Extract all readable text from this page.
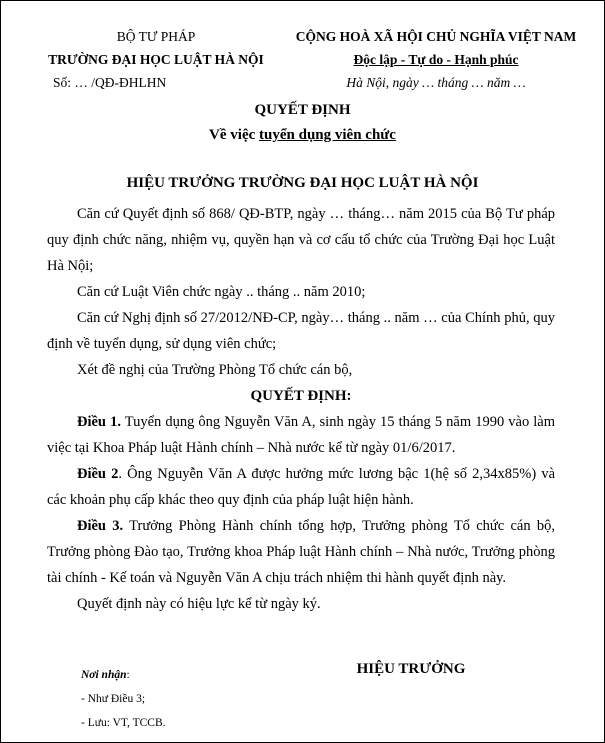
BỘ TƯ PHÁP
TRƯỜNG ĐẠI HỌC LUẬT HÀ NỘI
Số: … /QĐ-ĐHLHN
CỘNG HOÀ XÃ HỘI CHỦ NGHĨA VIỆT NAM
Độc lập - Tự do - Hạnh phúc
Hà Nội, ngày … tháng … năm …
QUYẾT ĐỊNH
Về việc tuyển dụng viên chức
HIỆU TRƯỞNG TRƯỜNG ĐẠI HỌC LUẬT HÀ NỘI

Căn cứ Quyết định số 868/ QĐ-BTP, ngày … tháng… năm 2015 của Bộ Tư pháp quy định chức năng, nhiệm vụ, quyền hạn và cơ cấu tổ chức của Trường Đại học Luật Hà Nội;

Căn cứ Luật Viên chức ngày .. tháng .. năm 2010;

Căn cứ Nghị định số 27/2012/NĐ-CP, ngày… tháng .. năm … của Chính phủ, quy định về tuyển dụng, sử dụng viên chức;

Xét đề nghị của Trường Phòng Tổ chức cán bộ,

QUYẾT ĐỊNH:

Điều 1. Tuyển dụng ông Nguyễn Văn A, sinh ngày 15 tháng 5 năm 1990 vào làm việc tại Khoa Pháp luật Hành chính – Nhà nước kể từ ngày 01/6/2017.

Điều 2. Ông Nguyễn Văn A được hưởng mức lương bậc 1(hệ số 2,34x85%) và các khoản phụ cấp khác theo quy định của pháp luật hiện hành.

Điều 3. Trưởng Phòng Hành chính tổng hợp, Trưởng phòng Tổ chức cán bộ, Trưởng phòng Đào tạo, Trưởng khoa Pháp luật Hành chính – Nhà nước, Trưởng phòng tài chính - Kế toán và Nguyễn Văn A chịu trách nhiệm thi hành quyết định này.

Quyết định này có hiệu lực kể từ ngày ký.

Nơi nhận:
- Như Điều 3;
- Lưu: VT, TCCB.
HIỆU TRƯỞNG
